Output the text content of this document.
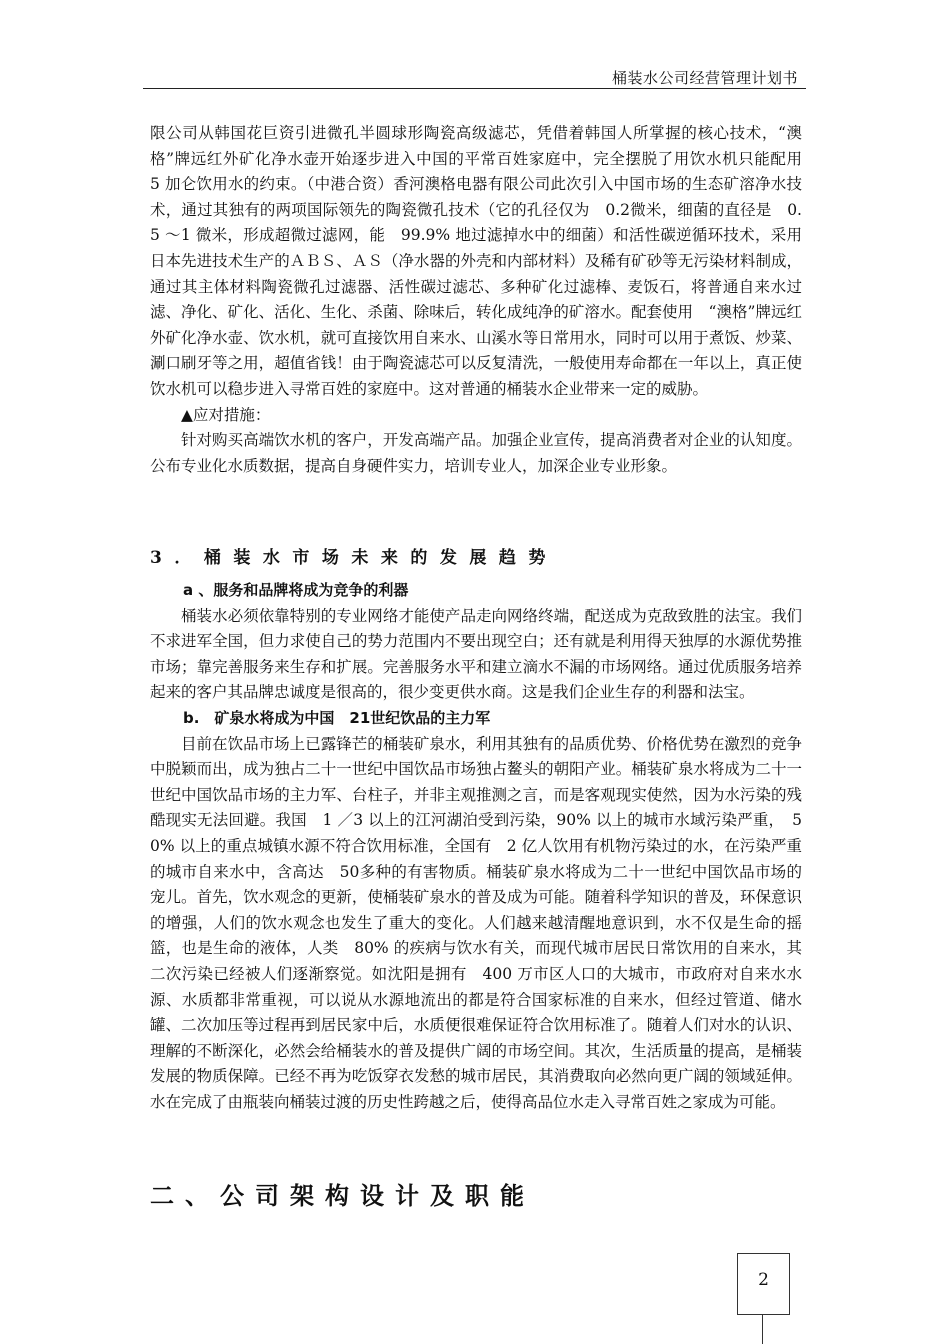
桶装水公司经营管理计划书

限公司从韩国花巨资引进微孔半圆球形陶瓷高级滤芯，凭借着韩国人所掌握的核心技术，“澳格”牌远红外矿化净水壶开始逐步进入中国的平常百姓家庭中，完全摆脱了用饮水机只能配用　5 加仑饮用水的约束。（中港合资）香河澳格电器有限公司此次引入中国市场的生态矿溶净水技术，通过其独有的两项国际领先的陶瓷微孔技术（它的孔径仅为　0.2微米，细菌的直径是　0.5 ～1 微米，形成超微过滤网，能　99.9% 地过滤掉水中的细菌）和活性碳逆循环技术，采用日本先进技术生产的ＡＢＳ、ＡＳ（净水器的外壳和内部材料）及稀有矿砂等无污染材料制成，通过其主体材料陶瓷微孔过滤器、活性碳过滤芯、多种矿化过滤棒、麦饭石，将普通自来水过滤、净化、矿化、活化、生化、杀菌、除味后，转化成纯净的矿溶水。配套使用　“澳格”牌远红外矿化净水壶、饮水机，就可直接饮用自来水、山溪水等日常用水，同时可以用于煮饭、炒菜、涮口刷牙等之用，超值省钱！由于陶瓷滤芯可以反复清洗，一般使用寿命都在一年以上，真正使饮水机可以稳步进入寻常百姓的家庭中。这对普通的桶装水企业带来一定的威胁。

▲应对措施：

针对购买高端饮水机的客户，开发高端产品。加强企业宣传，提高消费者对企业的认知度。公布专业化水质数据，提高自身硬件实力，培训专业人，加深企业专业形象。

3．桶装水市场未来的发展趋势

a 、服务和品牌将成为竞争的利器

桶装水必须依靠特别的专业网络才能使产品走向网络终端，配送成为克敌致胜的法宝。我们不求进军全国，但力求使自己的势力范围内不要出现空白；还有就是利用得天独厚的水源优势推市场；靠完善服务来生存和扩展。完善服务水平和建立滴水不漏的市场网络。通过优质服务培养起来的客户其品牌忠诚度是很高的，很少变更供水商。这是我们企业生存的利器和法宝。

b.　矿泉水将成为中国　21世纪饮品的主力军

目前在饮品市场上已露锋芒的桶装矿泉水，利用其独有的品质优势、价格优势在激烈的竞争中脱颖而出，成为独占二十一世纪中国饮品市场独占鳌头的朝阳产业。桶装矿泉水将成为二十一世纪中国饮品市场的主力军、台柱子，并非主观推测之言，而是客观现实使然，因为水污染的残酷现实无法回避。我国　1 ／3 以上的江河湖泊受到污染，90% 以上的城市水域污染严重，　50% 以上的重点城镇水源不符合饮用标准，全国有　2 亿人饮用有机物污染过的水，在污染严重的城市自来水中，含高达　50多种的有害物质。桶装矿泉水将成为二十一世纪中国饮品市场的宠儿。首先，饮水观念的更新，使桶装矿泉水的普及成为可能。随着科学知识的普及，环保意识的增强，人们的饮水观念也发生了重大的变化。人们越来越清醒地意识到，水不仅是生命的摇篮，也是生命的液体，人类　80% 的疾病与饮水有关，而现代城市居民日常饮用的自来水，其二次污染已经被人们逐渐察觉。如沈阳是拥有　400 万市区人口的大城市，市政府对自来水水源、水质都非常重视，可以说从水源地流出的都是符合国家标准的自来水，但经过管道、储水罐、二次加压等过程再到居民家中后，水质便很难保证符合饮用标准了。随着人们对水的认识、理解的不断深化，必然会给桶装水的普及提供广阔的市场空间。其次，生活质量的提高，是桶装发展的物质保障。已经不再为吃饭穿衣发愁的城市居民，其消费取向必然向更广阔的领域延伸。水在完成了由瓶装向桶装过渡的历史性跨越之后，使得高品位水走入寻常百姓之家成为可能。

二、公司架构设计及职能
2
